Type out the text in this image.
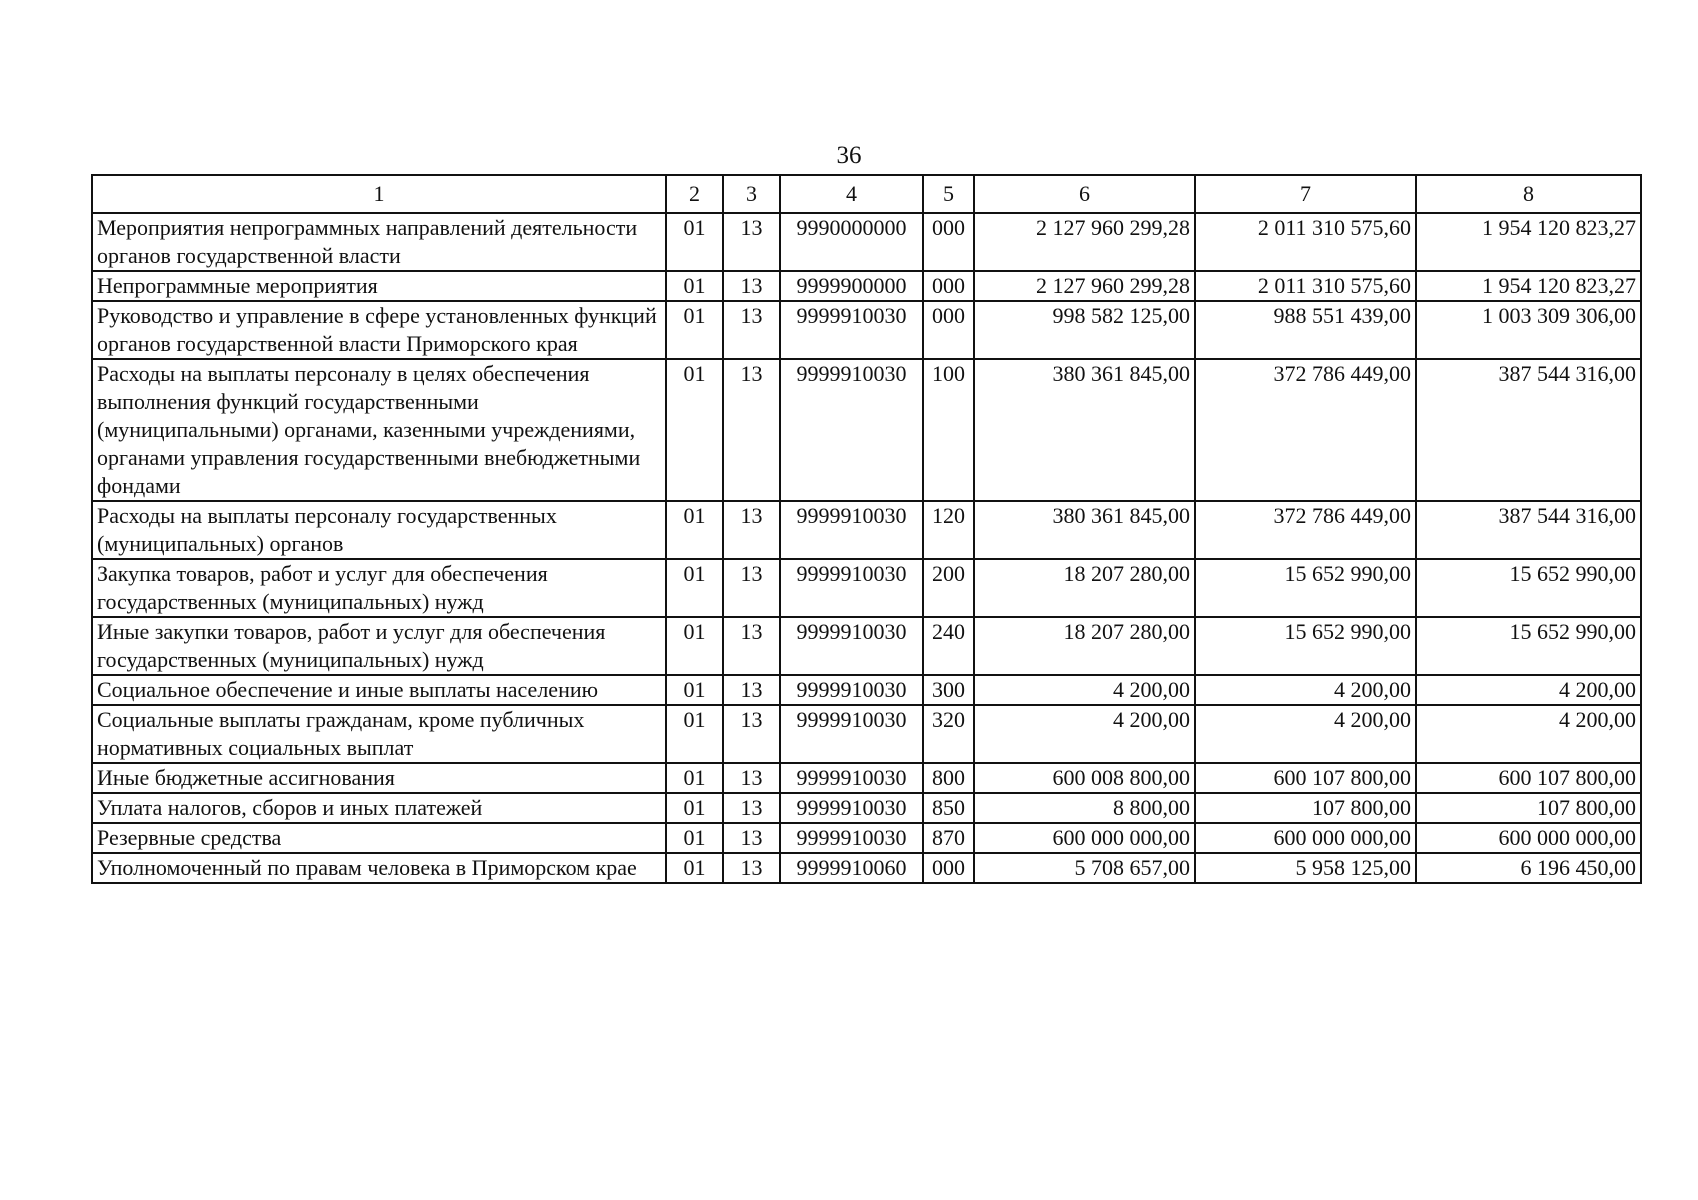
36
1	2	3	4	5	6	7	8
Мероприятия непрограммных направлений деятельности органов государственной власти	01	13	9990000000	000	2 127 960 299,28	2 011 310 575,60	1 954 120 823,27
Непрограммные мероприятия	01	13	9999900000	000	2 127 960 299,28	2 011 310 575,60	1 954 120 823,27
Руководство и управление в сфере установленных функций органов государственной власти Приморского края	01	13	9999910030	000	998 582 125,00	988 551 439,00	1 003 309 306,00
Расходы на выплаты персоналу в целях обеспечения выполнения функций государственными (муниципальными) органами, казенными учреждениями, органами управления государственными внебюджетными фондами	01	13	9999910030	100	380 361 845,00	372 786 449,00	387 544 316,00
Расходы на выплаты персоналу государственных (муниципальных) органов	01	13	9999910030	120	380 361 845,00	372 786 449,00	387 544 316,00
Закупка товаров, работ и услуг для обеспечения государственных (муниципальных) нужд	01	13	9999910030	200	18 207 280,00	15 652 990,00	15 652 990,00
Иные закупки товаров, работ и услуг для обеспечения государственных (муниципальных) нужд	01	13	9999910030	240	18 207 280,00	15 652 990,00	15 652 990,00
Социальное обеспечение и иные выплаты населению	01	13	9999910030	300	4 200,00	4 200,00	4 200,00
Социальные выплаты гражданам, кроме публичных нормативных социальных выплат	01	13	9999910030	320	4 200,00	4 200,00	4 200,00
Иные бюджетные ассигнования	01	13	9999910030	800	600 008 800,00	600 107 800,00	600 107 800,00
Уплата налогов, сборов и иных платежей	01	13	9999910030	850	8 800,00	107 800,00	107 800,00
Резервные средства	01	13	9999910030	870	600 000 000,00	600 000 000,00	600 000 000,00
Уполномоченный по правам человека в Приморском крае	01	13	9999910060	000	5 708 657,00	5 958 125,00	6 196 450,00
